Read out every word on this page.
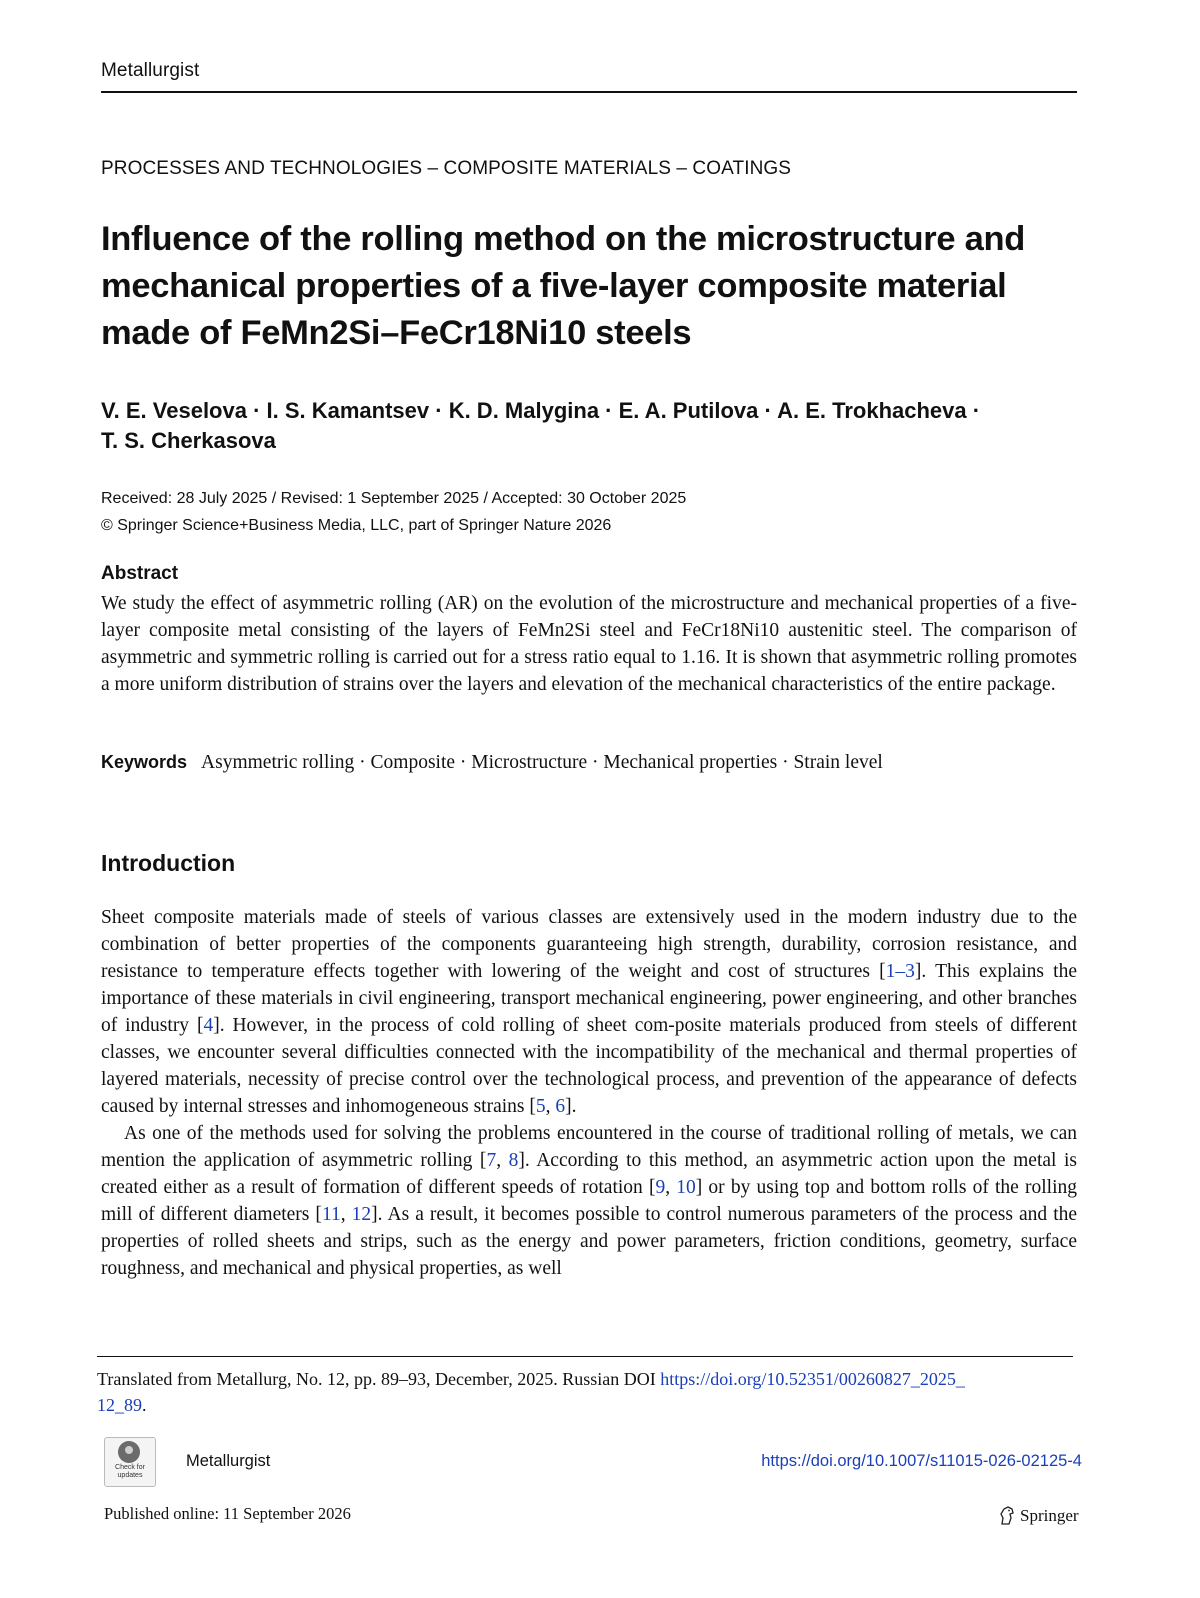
Metallurgist
PROCESSES AND TECHNOLOGIES – COMPOSITE MATERIALS – COATINGS
Influence of the rolling method on the microstructure and mechanical properties of a five-layer composite material made of FeMn2Si–FeCr18Ni10 steels
V. E. Veselova · I. S. Kamantsev · K. D. Malygina · E. A. Putilova · A. E. Trokhacheva ·
T. S. Cherkasova
Received: 28 July 2025 / Revised: 1 September 2025 / Accepted: 30 October 2025
© Springer Science+Business Media, LLC, part of Springer Nature 2026
Abstract
We study the effect of asymmetric rolling (AR) on the evolution of the microstructure and mechanical properties of a five-layer composite metal consisting of the layers of FeMn2Si steel and FeCr18Ni10 austenitic steel. The comparison of asymmetric and symmetric rolling is carried out for a stress ratio equal to 1.16. It is shown that asymmetric rolling promotes a more uniform distribution of strains over the layers and elevation of the mechanical characteristics of the entire package.
Keywords Asymmetric rolling · Composite · Microstructure · Mechanical properties · Strain level
Introduction

Sheet composite materials made of steels of various classes are extensively used in the modern industry due to the combination of better properties of the components guaranteeing high strength, durability, corrosion resistance, and resistance to temperature effects together with lowering of the weight and cost of structures [1–3]. This explains the importance of these materials in civil engineering, transport mechanical engineering, power engineering, and other branches of industry [4]. However, in the process of cold rolling of sheet com-posite materials produced from steels of different classes, we encounter several difficulties connected with the incompatibility of the mechanical and thermal properties of layered materials, necessity of precise control over the technological process, and prevention of the appearance of defects caused by internal stresses and inhomogeneous strains [5, 6].

As one of the methods used for solving the problems encountered in the course of traditional rolling of metals, we can mention the application of asymmetric rolling [7, 8]. According to this method, an asymmetric action upon the metal is created either as a result of formation of different speeds of rotation [9, 10] or by using top and bottom rolls of the rolling mill of different diameters [11, 12]. As a result, it becomes possible to control numerous parameters of the process and the properties of rolled sheets and strips, such as the energy and power parameters, friction conditions, geometry, surface roughness, and mechanical and physical properties, as well

Translated from Metallurg, No. 12, pp. 89–93, December, 2025. Russian DOI https://doi.org/10.52351/00260827_2025_
12_89.
Check for
updates
Metallurgist	https://doi.org/10.1007/s11015-026-02125-4
Published online: 11 September 2026	Springer
